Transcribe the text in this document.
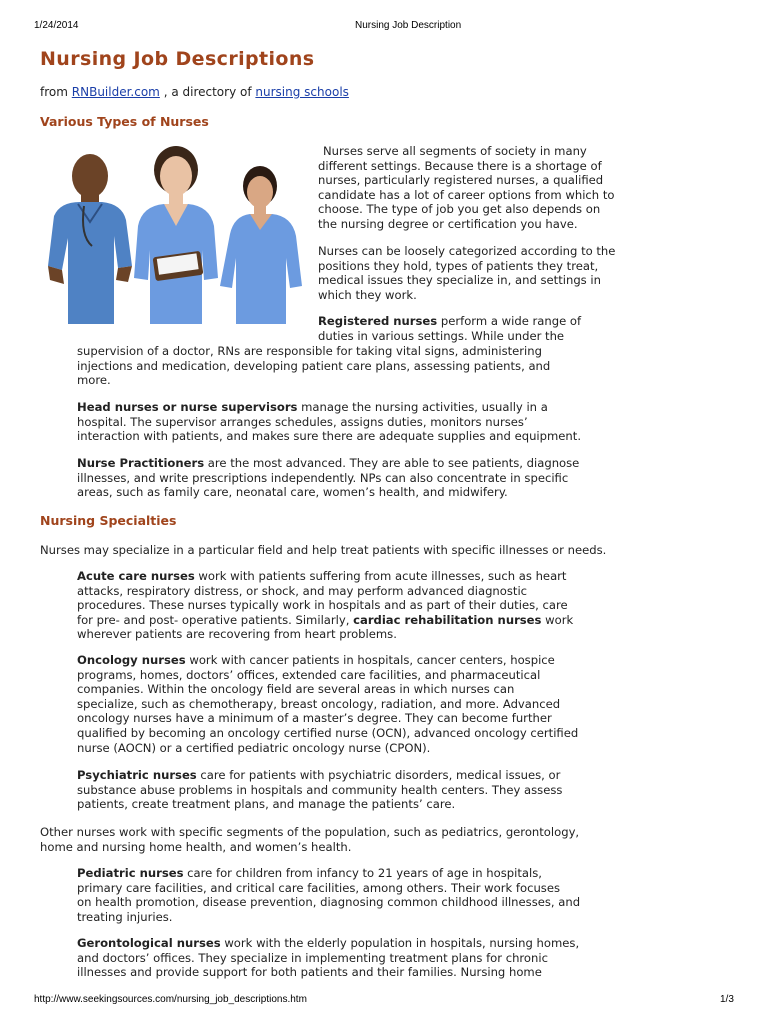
1/24/2014	Nursing Job Description
Nursing Job Descriptions
from RNBuilder.com , a directory of nursing schools
Various Types of Nurses
Nurses serve all segments of society in many
different settings. Because there is a shortage of
nurses, particularly registered nurses, a qualified
candidate has a lot of career options from which to
choose. The type of job you get also depends on
the nursing degree or certification you have.
Nurses can be loosely categorized according to the
positions they hold, types of patients they treat,
medical issues they specialize in, and settings in
which they work.
Registered nurses perform a wide range of
duties in various settings. While under the
supervision of a doctor, RNs are responsible for taking vital signs, administering
injections and medication, developing patient care plans, assessing patients, and
more.
Head nurses or nurse supervisors manage the nursing activities, usually in a
hospital. The supervisor arranges schedules, assigns duties, monitors nurses’
interaction with patients, and makes sure there are adequate supplies and equipment.
Nurse Practitioners are the most advanced. They are able to see patients, diagnose
illnesses, and write prescriptions independently. NPs can also concentrate in specific
areas, such as family care, neonatal care, women’s health, and midwifery.
Nursing Specialties
Nurses may specialize in a particular field and help treat patients with specific illnesses or needs.
Acute care nurses work with patients suffering from acute illnesses, such as heart
attacks, respiratory distress, or shock, and may perform advanced diagnostic
procedures. These nurses typically work in hospitals and as part of their duties, care
for pre- and post- operative patients. Similarly, cardiac rehabilitation nurses work
wherever patients are recovering from heart problems.
Oncology nurses work with cancer patients in hospitals, cancer centers, hospice
programs, homes, doctors’ offices, extended care facilities, and pharmaceutical
companies. Within the oncology field are several areas in which nurses can
specialize, such as chemotherapy, breast oncology, radiation, and more. Advanced
oncology nurses have a minimum of a master’s degree. They can become further
qualified by becoming an oncology certified nurse (OCN), advanced oncology certified
nurse (AOCN) or a certified pediatric oncology nurse (CPON).
Psychiatric nurses care for patients with psychiatric disorders, medical issues, or
substance abuse problems in hospitals and community health centers. They assess
patients, create treatment plans, and manage the patients’ care.
Other nurses work with specific segments of the population, such as pediatrics, gerontology,
home and nursing home health, and women’s health.
Pediatric nurses care for children from infancy to 21 years of age in hospitals,
primary care facilities, and critical care facilities, among others. Their work focuses
on health promotion, disease prevention, diagnosing common childhood illnesses, and
treating injuries.
Gerontological nurses work with the elderly population in hospitals, nursing homes,
and doctors’ offices. They specialize in implementing treatment plans for chronic
illnesses and provide support for both patients and their families. Nursing home
http://www.seekingsources.com/nursing_job_descriptions.htm	1/3
